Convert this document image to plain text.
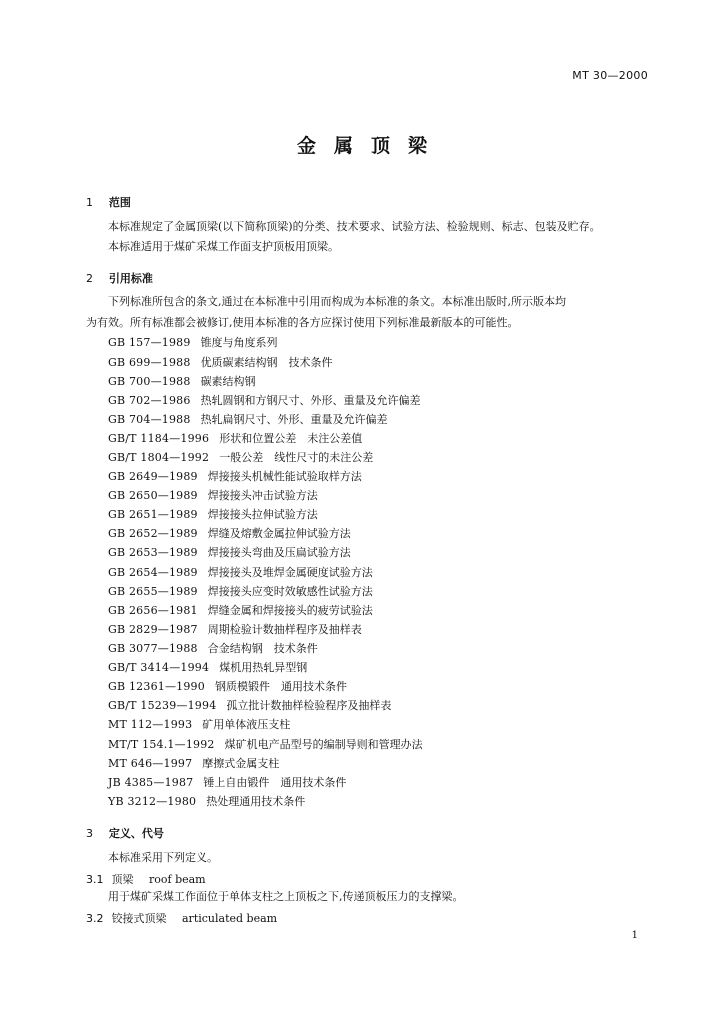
MT 30—2000
金属顶梁
1 范围
本标准规定了金属顶梁(以下简称顶梁)的分类、技术要求、试验方法、检验规则、标志、包装及贮存。
本标准适用于煤矿采煤工作面支护顶板用顶梁。
2 引用标准
下列标准所包含的条文,通过在本标准中引用而构成为本标准的条文。本标准出版时,所示版本均
为有效。所有标准都会被修订,使用本标准的各方应探讨使用下列标准最新版本的可能性。
GB 157—1989 锥度与角度系列
GB 699—1988 优质碳素结构钢　技术条件
GB 700—1988 碳素结构钢
GB 702—1986 热轧圆钢和方钢尺寸、外形、重量及允许偏差
GB 704—1988 热轧扁钢尺寸、外形、重量及允许偏差
GB/T 1184—1996 形状和位置公差　未注公差值
GB/T 1804—1992 一般公差　线性尺寸的未注公差
GB 2649—1989 焊接接头机械性能试验取样方法
GB 2650—1989 焊接接头冲击试验方法
GB 2651—1989 焊接接头拉伸试验方法
GB 2652—1989 焊缝及熔敷金属拉伸试验方法
GB 2653—1989 焊接接头弯曲及压扁试验方法
GB 2654—1989 焊接接头及堆焊金属硬度试验方法
GB 2655—1989 焊接接头应变时效敏感性试验方法
GB 2656—1981 焊缝金属和焊接接头的疲劳试验法
GB 2829—1987 周期检验计数抽样程序及抽样表
GB 3077—1988 合金结构钢　技术条件
GB/T 3414—1994 煤机用热轧异型钢
GB 12361—1990 钢质模锻件　通用技术条件
GB/T 15239—1994 孤立批计数抽样检验程序及抽样表
MT 112—1993 矿用单体液压支柱
MT/T 154.1—1992 煤矿机电产品型号的编制导则和管理办法
MT 646—1997 摩擦式金属支柱
JB 4385—1987 锤上自由锻件　通用技术条件
YB 3212—1980 热处理通用技术条件
3 定义、代号
本标准采用下列定义。
3.1 顶梁 roof beam
用于煤矿采煤工作面位于单体支柱之上顶板之下,传递顶板压力的支撑梁。
3.2 铰接式顶梁 articulated beam
1
